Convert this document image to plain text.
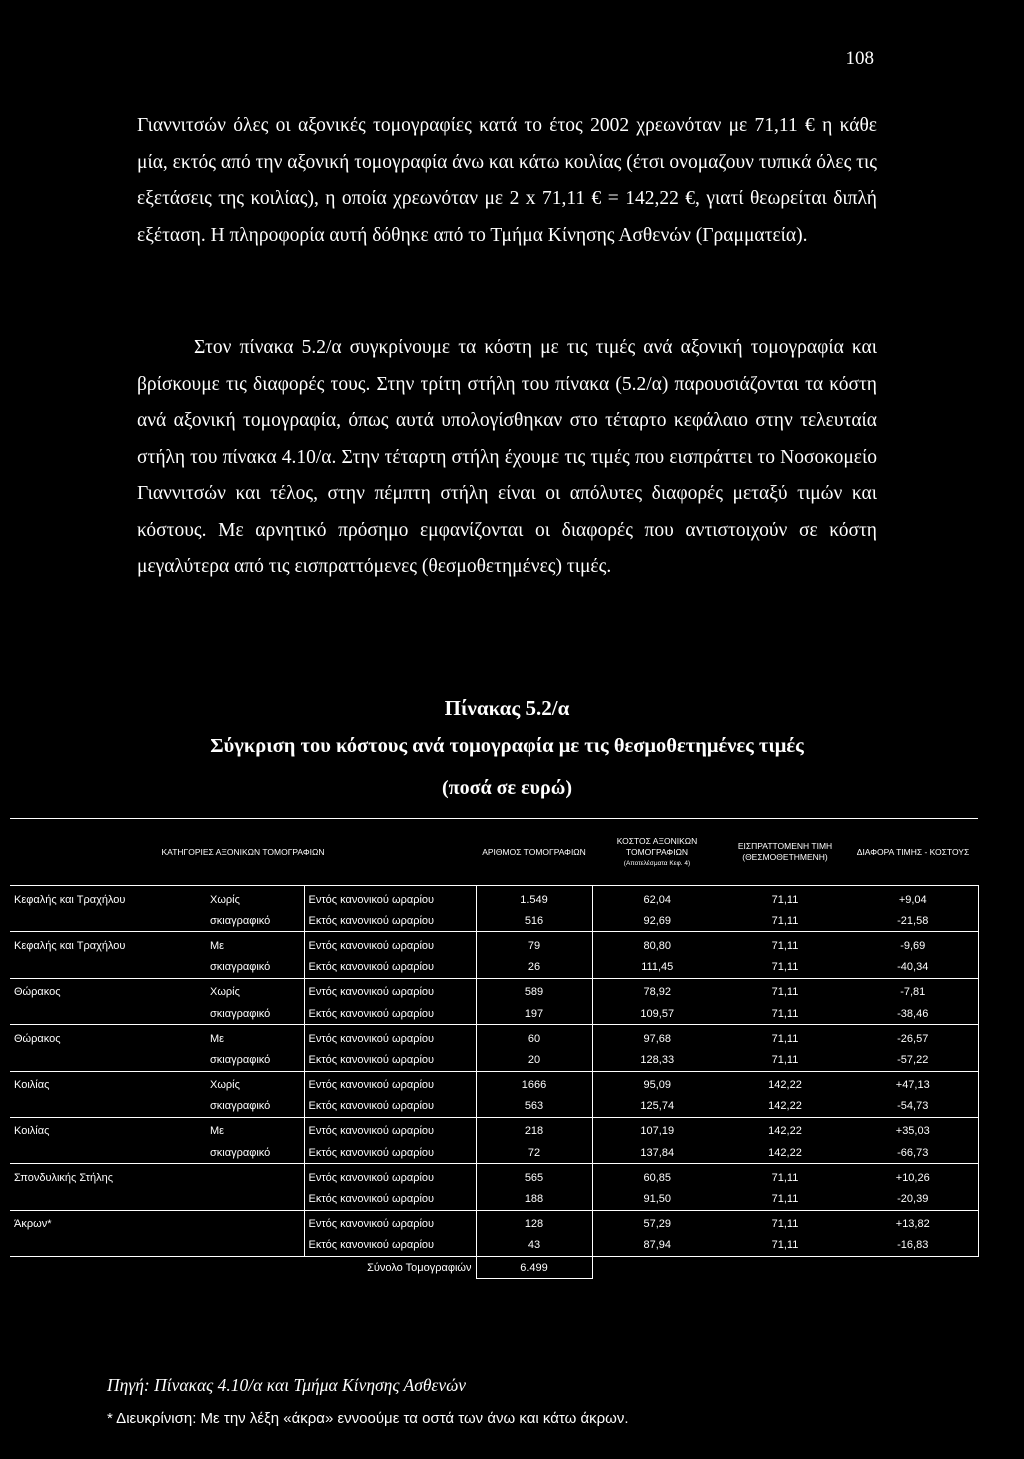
108

Γιαννιτσών όλες οι αξονικές τομογραφίες κατά το έτος 2002 χρεωνόταν με 71,11 € η κάθε μία, εκτός από την αξονική τομογραφία άνω και κάτω κοιλίας (έτσι ονομαζουν τυπικά όλες τις εξετάσεις της κοιλίας), η οποία χρεωνόταν με 2 x 71,11 € = 142,22 €, γιατί θεωρείται διπλή εξέταση. Η πληροφορία αυτή δόθηκε από το Τμήμα Κίνησης Ασθενών (Γραμματεία).

Στον πίνακα 5.2/α συγκρίνουμε τα κόστη με τις τιμές ανά αξονική τομογραφία και βρίσκουμε τις διαφορές τους. Στην τρίτη στήλη του πίνακα (5.2/α) παρουσιάζονται τα κόστη ανά αξονική τομογραφία, όπως αυτά υπολογίσθηκαν στο τέταρτο κεφάλαιο στην τελευταία στήλη του πίνακα 4.10/α. Στην τέταρτη στήλη έχουμε τις τιμές που εισπράττει το Νοσοκομείο Γιαννιτσών και τέλος, στην πέμπτη στήλη είναι οι απόλυτες διαφορές μεταξύ τιμών και κόστους. Με αρνητικό πρόσημο εμφανίζονται οι διαφορές που αντιστοιχούν σε κόστη μεγαλύτερα από τις εισπραττόμενες (θεσμοθετημένες) τιμές.

Πίνακας 5.2/α

Σύγκριση του κόστους ανά τομογραφία με τις θεσμοθετημένες τιμές

(ποσά σε ευρώ)

ΚΑΤΗΓΟΡΙΕΣ ΑΞΟΝΙΚΩΝ ΤΟΜΟΓΡΑΦΙΩΝ			ΑΡΙΘΜΟΣ ΤΟΜΟΓΡΑΦΙΩΝ	ΚΟΣΤΟΣ ΑΞΟΝΙΚΩΝ ΤΟΜΟΓΡΑΦΙΩΝ
(Αποτελέσματα Κεφ. 4)	ΕΙΣΠΡΑΤΤΟΜΕΝΗ ΤΙΜΗ (ΘΕΣΜΟΘΕΤΗΜΕΝΗ)	ΔΙΑΦΟΡΑ ΤΙΜΗΣ - ΚΟΣΤΟΥΣ
Κεφαλής και Τραχήλου	Χωρίς	Εντός κανονικού ωραρίου	1.549	62,04	71,11	+9,04
	σκιαγραφικό	Εκτός κανονικού ωραρίου	516	92,69	71,11	-21,58
Κεφαλής και Τραχήλου	Με	Εντός κανονικού ωραρίου	79	80,80	71,11	-9,69
	σκιαγραφικό	Εκτός κανονικού ωραρίου	26	111,45	71,11	-40,34
Θώρακος	Χωρίς	Εντός κανονικού ωραρίου	589	78,92	71,11	-7,81
	σκιαγραφικό	Εκτός κανονικού ωραρίου	197	109,57	71,11	-38,46
Θώρακος	Με	Εντός κανονικού ωραρίου	60	97,68	71,11	-26,57
	σκιαγραφικό	Εκτός κανονικού ωραρίου	20	128,33	71,11	-57,22
Κοιλίας	Χωρίς	Εντός κανονικού ωραρίου	1666	95,09	142,22	+47,13
	σκιαγραφικό	Εκτός κανονικού ωραρίου	563	125,74	142,22	-54,73
Κοιλίας	Με	Εντός κανονικού ωραρίου	218	107,19	142,22	+35,03
	σκιαγραφικό	Εκτός κανονικού ωραρίου	72	137,84	142,22	-66,73
Σπονδυλικής Στήλης		Εντός κανονικού ωραρίου	565	60,85	71,11	+10,26
		Εκτός κανονικού ωραρίου	188	91,50	71,11	-20,39
Άκρων*		Εντός κανονικού ωραρίου	128	57,29	71,11	+13,82
		Εκτός κανονικού ωραρίου	43	87,94	71,11	-16,83
Σύνολο Τομογραφιών			6.499			
Πηγή: Πίνακας 4.10/α και Τμήμα Κίνησης Ασθενών
* Διευκρίνιση: Με την λέξη «άκρα» εννοούμε τα οστά των άνω και κάτω άκρων.
